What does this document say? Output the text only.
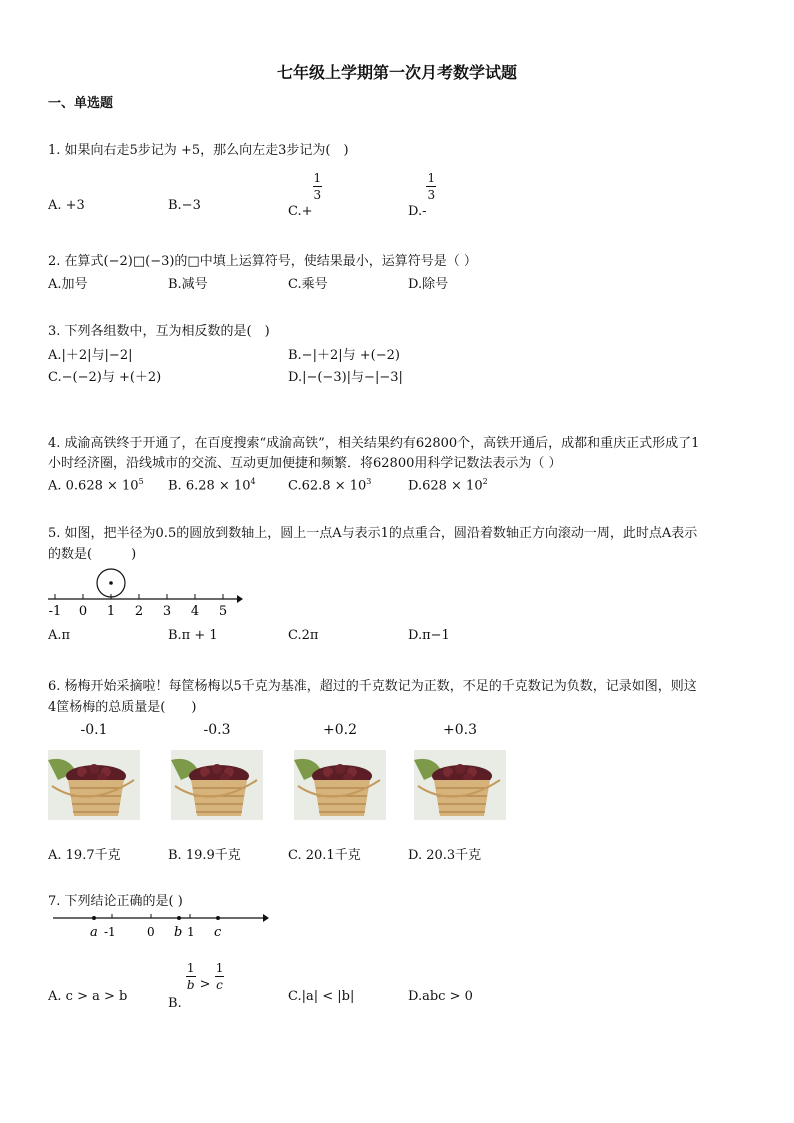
七年级上学期第一次月考数学试题
一、单选题
1. 如果向右走5步记为 +5，那么向左走3步记为(　)
A. +3	B.−3	C.+
$\frac{1}{3}$
D.-
$\frac{1}{3}$
2. 在算式(−2)□(−3)的□中填上运算符号，使结果最小，运算符号是（ ）
A.加号	B.减号	C.乘号	D.除号
3. 下列各组数中，互为相反数的是(　)
A.|＋2|与|−2|	B.−|＋2|与 +(−2)
C.−(−2)与 +(＋2)	D.|−(−3)|与−|−3|
4. 成渝高铁终于开通了，在百度搜索“成渝高铁”，相关结果约有62800个，高铁开通后，成都和重庆正式形成了1
小时经济圈，沿线城市的交流、互动更加便捷和频繁．将62800用科学记数法表示为（ ）
A. $0.628 \times 10^5$ B. $6.28 \times 10^4$ $C.62.8 \times 10^3$	$D.628 \times 10^2$
5. 如图，把半径为0.5的圆放到数轴上，圆上一点A与表示1的点重合，圆沿着数轴正方向滚动一周，此时点A表示
的数是(　　　)
-1 0 1 2 3 4 5
A.π	B.π + 1	C.2π	D.π−1
6. 杨梅开始采摘啦！每筐杨梅以5千克为基准，超过的千克数记为正数，不足的千克数记为负数，记录如图，则这
4筐杨梅的总质量是(　　)
-0.1	-0.3	+0.2	+0.3
A. 19.7千克	B. 19.9千克	C. 20.1千克	D. 20.3千克
7. 下列结论正确的是( )
a -1	0 b 1 c
A. c > a > b	B.
$\frac{1}{b} > \frac{1}{c}$
C.|a| < |b|	D.abc > 0
